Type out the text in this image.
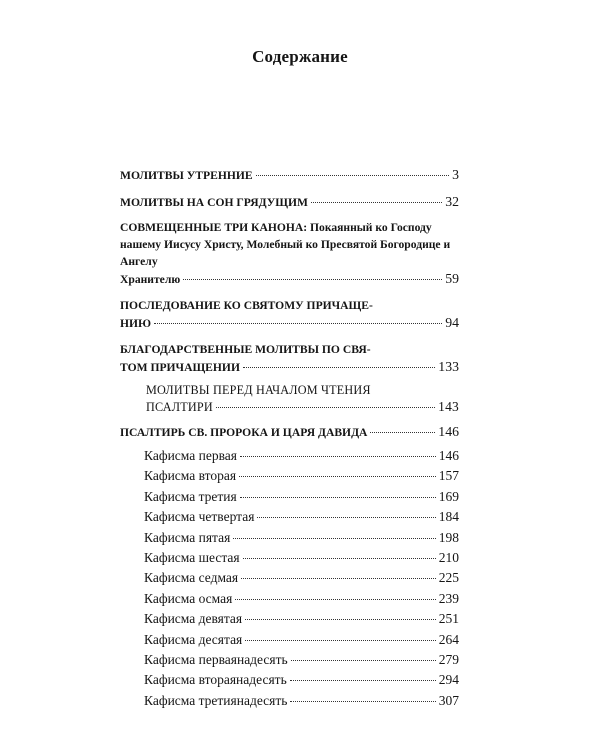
Содержание
МОЛИТВЫ УТРЕННИЕ	3
МОЛИТВЫ НА СОН ГРЯДУЩИМ	32
СОВМЕЩЕННЫЕ ТРИ КАНОНА: Покаянный ко Господу нашему Иисусу Христу, Молебный ко Пресвятой Богородице и Ангелу
Хранителю	59
ПОСЛЕДОВАНИЕ КО СВЯТОМУ ПРИЧАЩЕ-
НИЮ	94
БЛАГОДАРСТВЕННЫЕ МОЛИТВЫ ПО СВЯ-
ТОМ ПРИЧАЩЕНИИ	133
МОЛИТВЫ ПЕРЕД НАЧАЛОМ ЧТЕНИЯ
ПСАЛТИРИ	143
ПСАЛТИРЬ СВ. ПРОРОКА И ЦАРЯ ДАВИДА	146
Кафисма первая	146
Кафисма вторая	157
Кафисма третия	169
Кафисма четвертая	184
Кафисма пятая	198
Кафисма шестая	210
Кафисма седмая	225
Кафисма осмая	239
Кафисма девятая	251
Кафисма десятая	264
Кафисма перваянадесять	279
Кафисма втораянадесять	294
Кафисма третиянадесять	307
